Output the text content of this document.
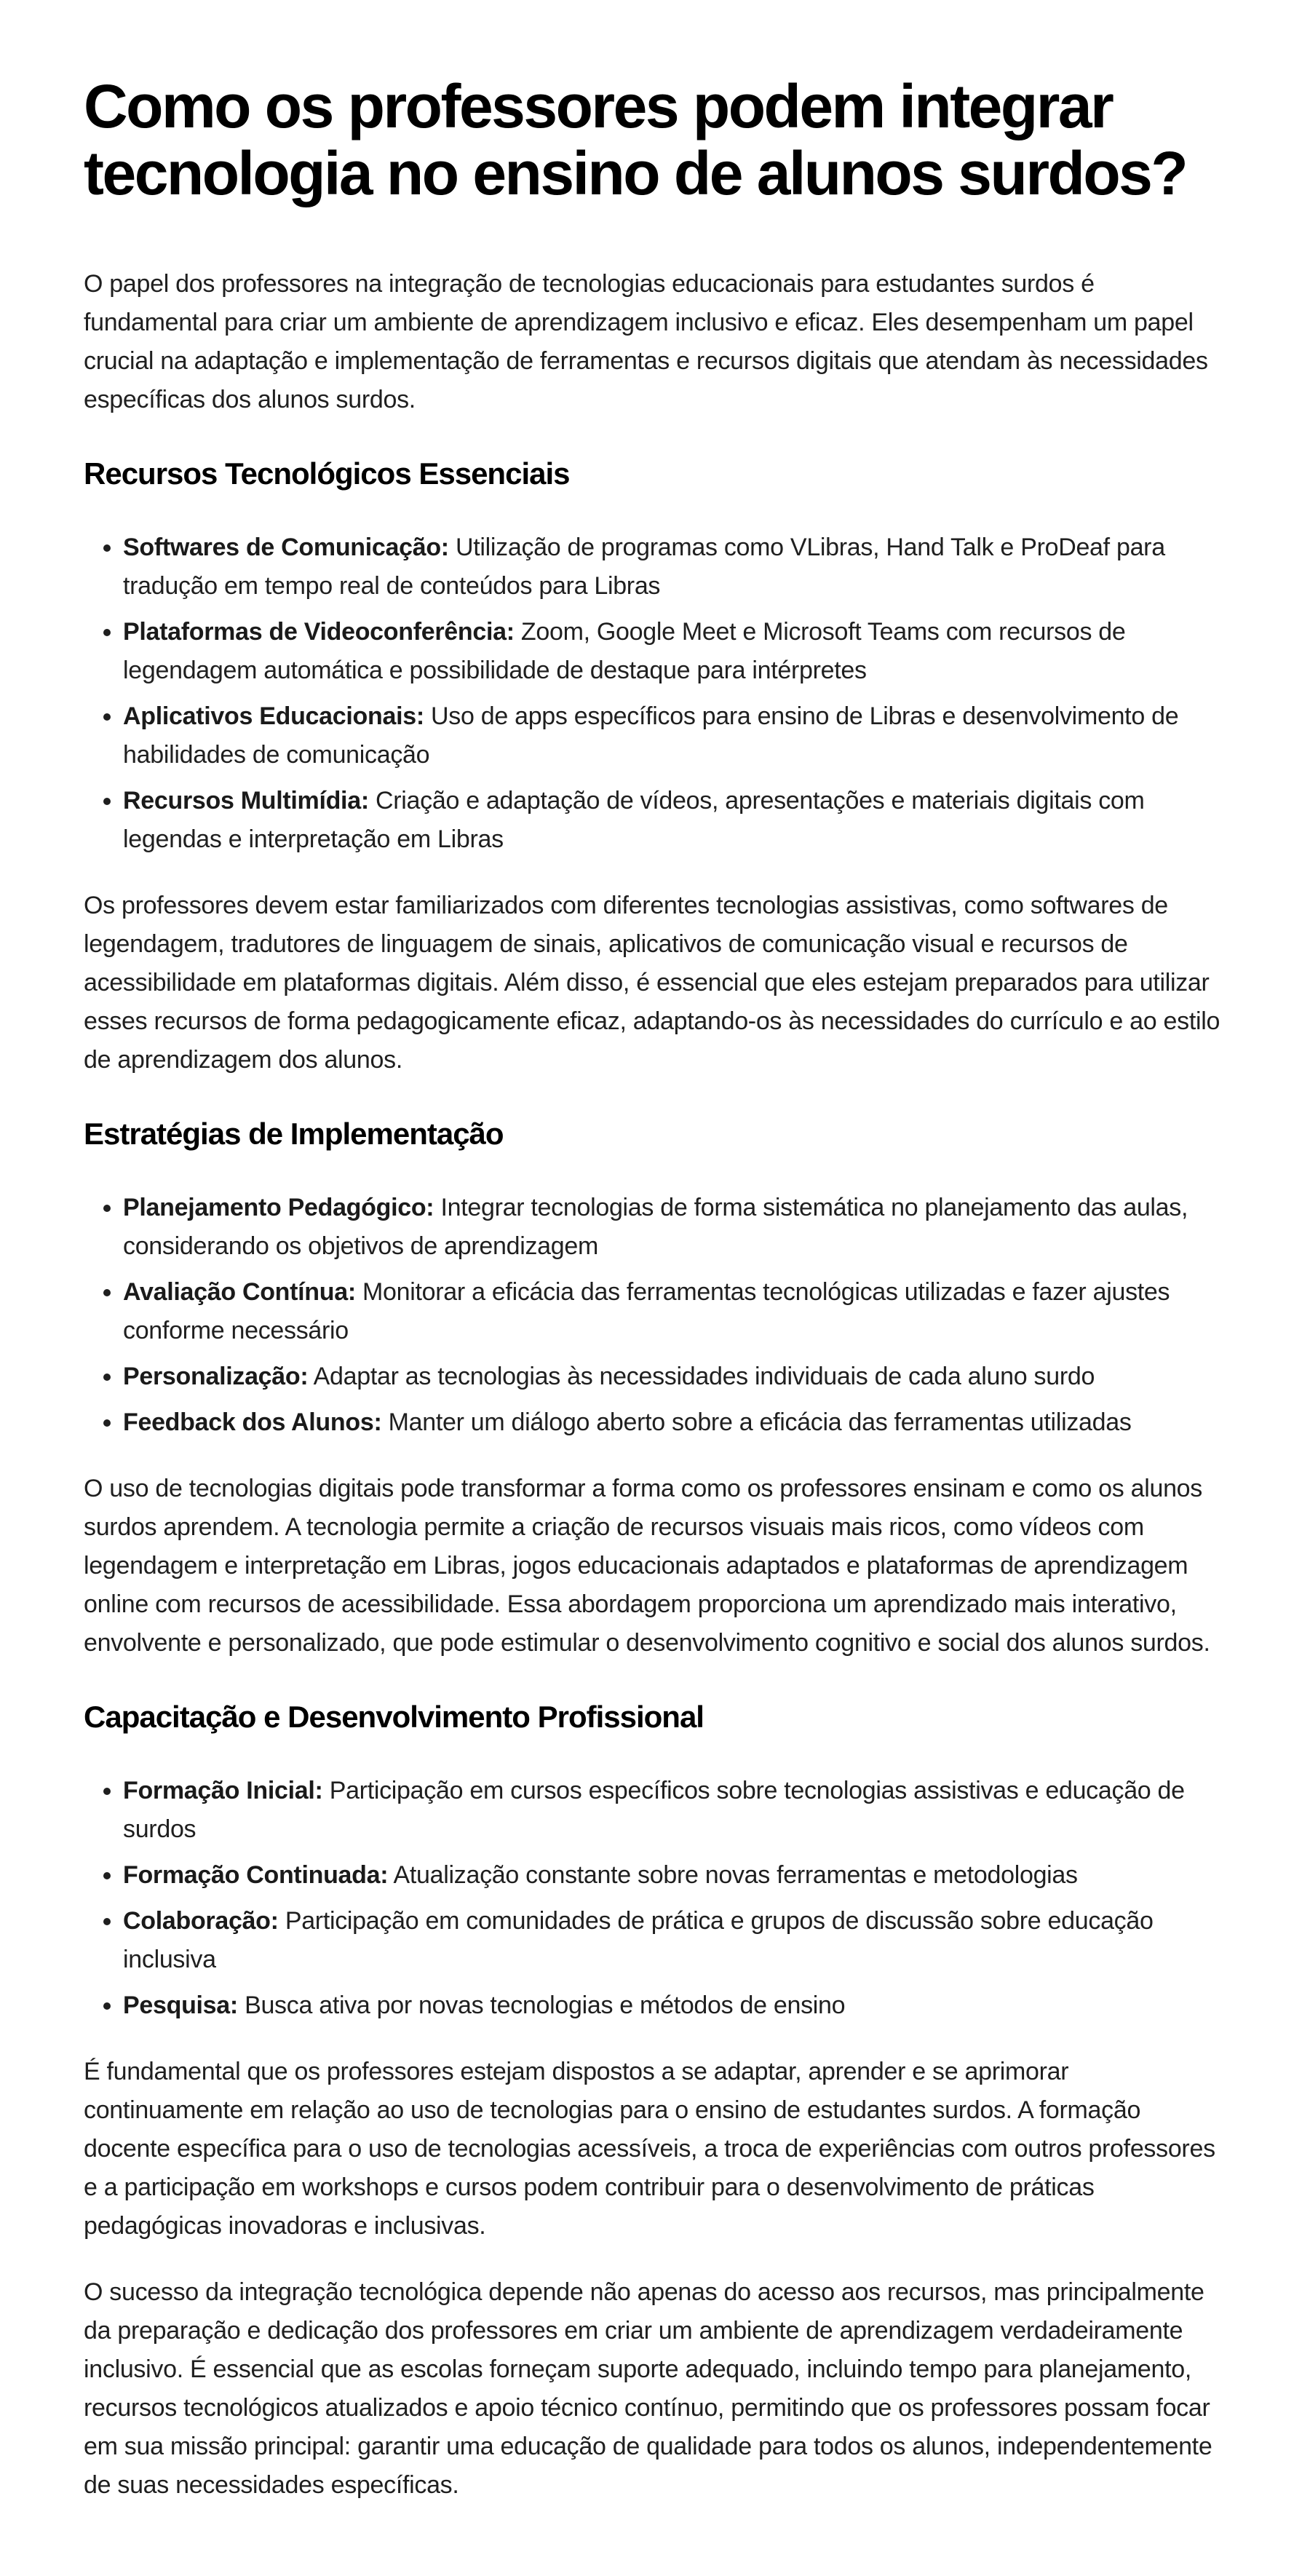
Como os professores podem integrar tecnologia no ensino de alunos surdos?

O papel dos professores na integração de tecnologias educacionais para estudantes surdos é fundamental para criar um ambiente de aprendizagem inclusivo e eficaz. Eles desempenham um papel crucial na adaptação e implementação de ferramentas e recursos digitais que atendam às necessidades específicas dos alunos surdos.

Recursos Tecnológicos Essenciais
• Softwares de Comunicação: Utilização de programas como VLibras, Hand Talk e ProDeaf para tradução em tempo real de conteúdos para Libras
• Plataformas de Videoconferência: Zoom, Google Meet e Microsoft Teams com recursos de legendagem automática e possibilidade de destaque para intérpretes
• Aplicativos Educacionais: Uso de apps específicos para ensino de Libras e desenvolvimento de habilidades de comunicação
• Recursos Multimídia: Criação e adaptação de vídeos, apresentações e materiais digitais com legendas e interpretação em Libras

Os professores devem estar familiarizados com diferentes tecnologias assistivas, como softwares de legendagem, tradutores de linguagem de sinais, aplicativos de comunicação visual e recursos de acessibilidade em plataformas digitais. Além disso, é essencial que eles estejam preparados para utilizar esses recursos de forma pedagogicamente eficaz, adaptando-os às necessidades do currículo e ao estilo de aprendizagem dos alunos.

Estratégias de Implementação
• Planejamento Pedagógico: Integrar tecnologias de forma sistemática no planejamento das aulas, considerando os objetivos de aprendizagem
• Avaliação Contínua: Monitorar a eficácia das ferramentas tecnológicas utilizadas e fazer ajustes conforme necessário
• Personalização: Adaptar as tecnologias às necessidades individuais de cada aluno surdo
• Feedback dos Alunos: Manter um diálogo aberto sobre a eficácia das ferramentas utilizadas

O uso de tecnologias digitais pode transformar a forma como os professores ensinam e como os alunos surdos aprendem. A tecnologia permite a criação de recursos visuais mais ricos, como vídeos com legendagem e interpretação em Libras, jogos educacionais adaptados e plataformas de aprendizagem online com recursos de acessibilidade. Essa abordagem proporciona um aprendizado mais interativo, envolvente e personalizado, que pode estimular o desenvolvimento cognitivo e social dos alunos surdos.

Capacitação e Desenvolvimento Profissional
• Formação Inicial: Participação em cursos específicos sobre tecnologias assistivas e educação de surdos
• Formação Continuada: Atualização constante sobre novas ferramentas e metodologias
• Colaboração: Participação em comunidades de prática e grupos de discussão sobre educação inclusiva
• Pesquisa: Busca ativa por novas tecnologias e métodos de ensino

É fundamental que os professores estejam dispostos a se adaptar, aprender e se aprimorar continuamente em relação ao uso de tecnologias para o ensino de estudantes surdos. A formação docente específica para o uso de tecnologias acessíveis, a troca de experiências com outros professores e a participação em workshops e cursos podem contribuir para o desenvolvimento de práticas pedagógicas inovadoras e inclusivas.

O sucesso da integração tecnológica depende não apenas do acesso aos recursos, mas principalmente da preparação e dedicação dos professores em criar um ambiente de aprendizagem verdadeiramente inclusivo. É essencial que as escolas forneçam suporte adequado, incluindo tempo para planejamento, recursos tecnológicos atualizados e apoio técnico contínuo, permitindo que os professores possam focar em sua missão principal: garantir uma educação de qualidade para todos os alunos, independentemente de suas necessidades específicas.
